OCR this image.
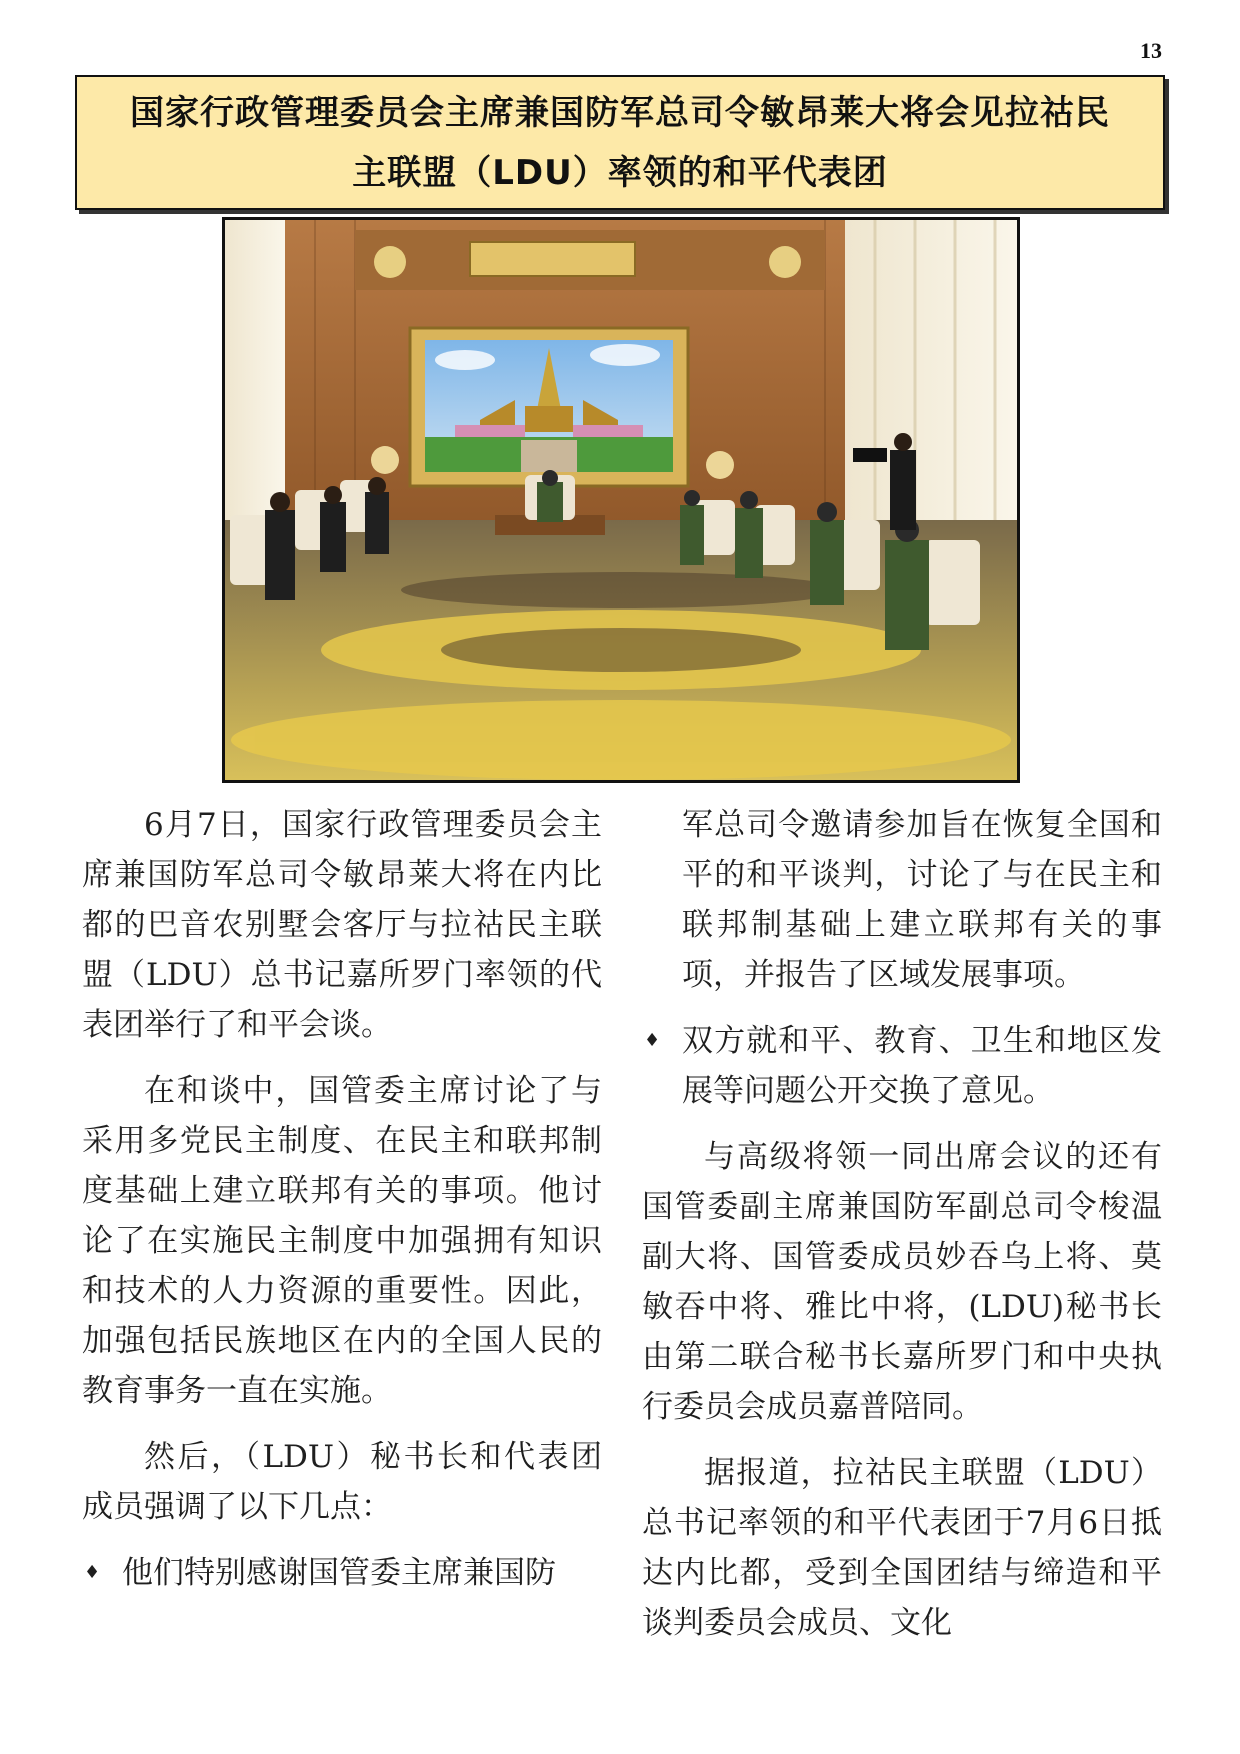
13
国家行政管理委员会主席兼国防军总司令敏昂莱大将会见拉祜民
主联盟（LDU）率领的和平代表团

6月7日，国家行政管理委员会主席兼国防军总司令敏昂莱大将在内比都的巴音农别墅会客厅与拉祜民主联盟（LDU）总书记嘉所罗门率领的代表团举行了和平会谈。

在和谈中，国管委主席讨论了与采用多党民主制度、在民主和联邦制度基础上建立联邦有关的事项。他讨论了在实施民主制度中加强拥有知识和技术的人力资源的重要性。因此，加强包括民族地区在内的全国人民的教育事务一直在实施。

然后，（LDU）秘书长和代表团成员强调了以下几点：

♦ 他们特别感谢国管委主席兼国防

军总司令邀请参加旨在恢复全国和平的和平谈判，讨论了与在民主和联邦制基础上建立联邦有关的事项，并报告了区域发展事项。

♦ 双方就和平、教育、卫生和地区发展等问题公开交换了意见。

与高级将领一同出席会议的还有国管委副主席兼国防军副总司令梭温副大将、国管委成员妙吞乌上将、莫敏吞中将、雅比中将，(LDU)秘书长由第二联合秘书长嘉所罗门和中央执行委员会成员嘉普陪同。

据报道，拉祜民主联盟（LDU）总书记率领的和平代表团于7月6日抵达内比都，受到全国团结与缔造和平谈判委员会成员、文化
